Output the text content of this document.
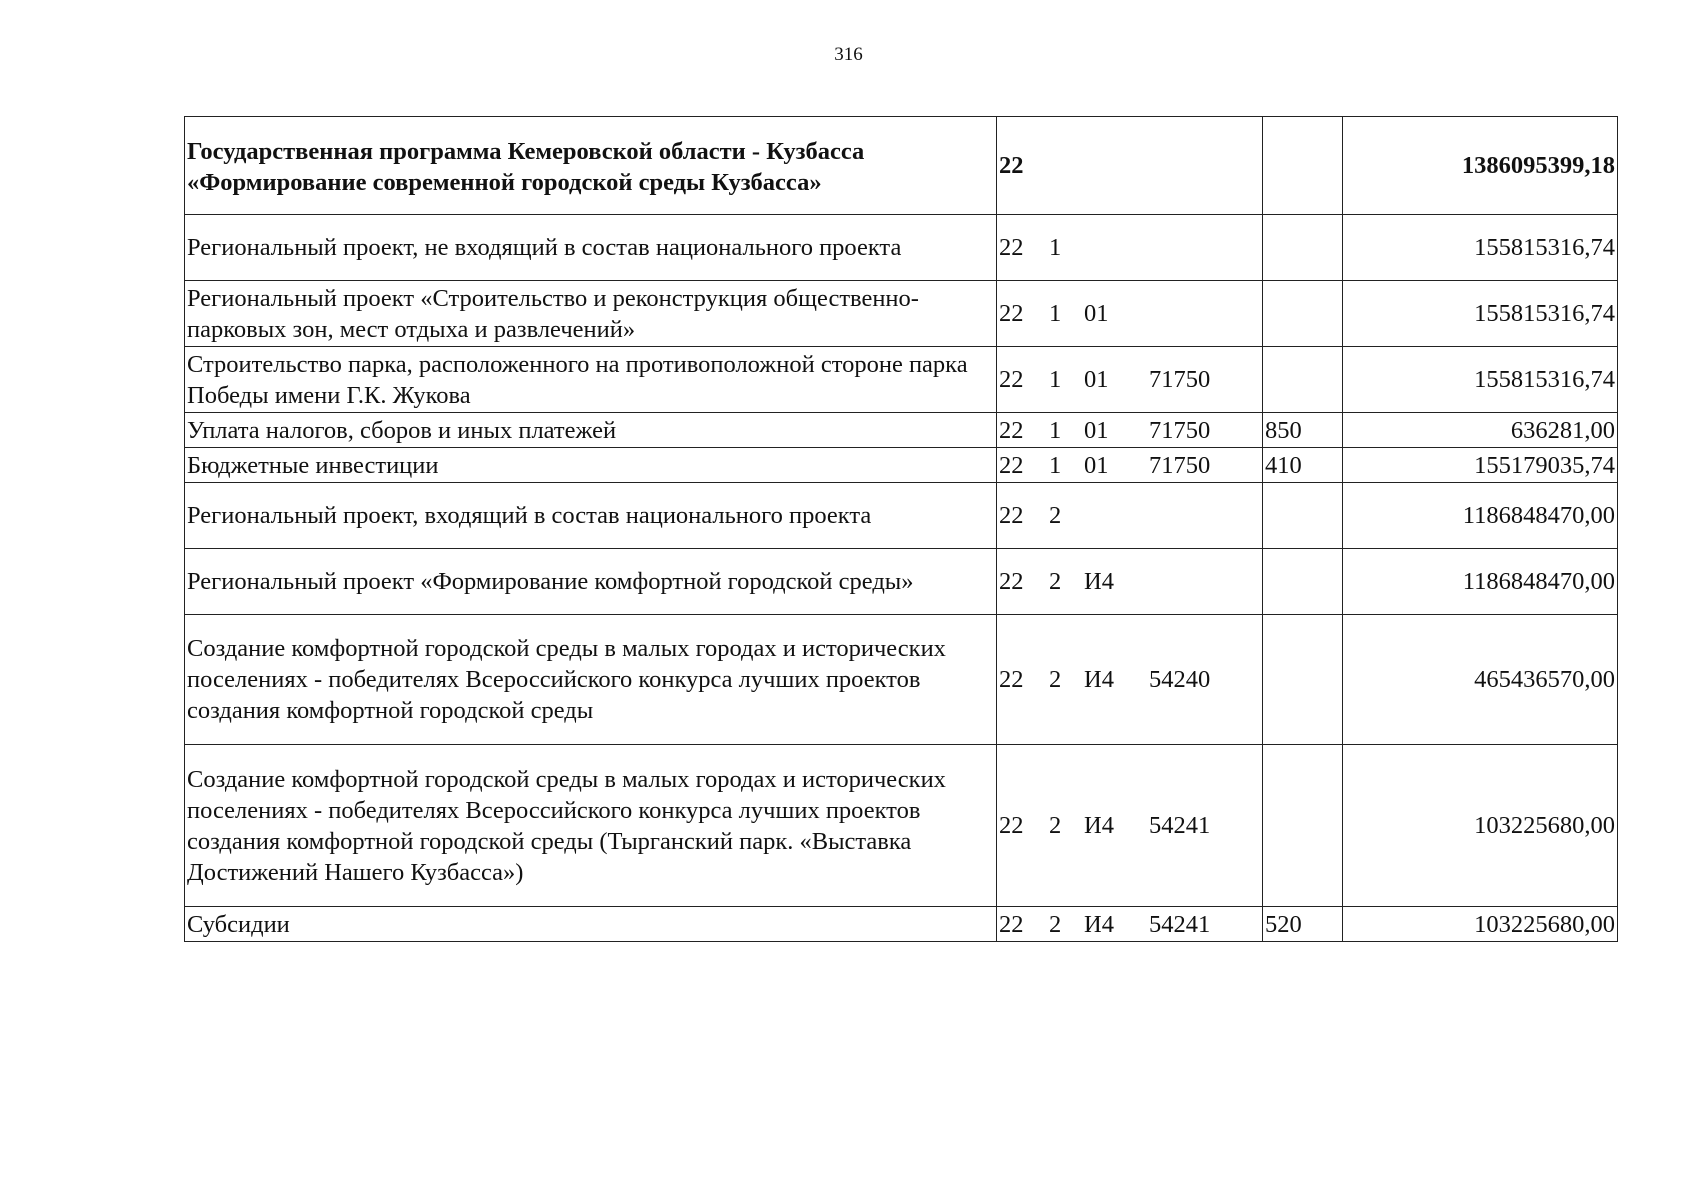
316
Государственная программа Кемеровской области - Кузбасса «Формирование современной городской среды Кузбасса»	22		1386095399,18
Региональный проект, не входящий в состав национального проекта	22 1		155815316,74
Региональный проект «Строительство и реконструкция общественно-парковых зон, мест отдыха и развлечений»	22 1 01		155815316,74
Строительство парка, расположенного на противоположной стороне парка Победы имени Г.К. Жукова	22 1 01 71750		155815316,74
Уплата налогов, сборов и иных платежей	22 1 01 71750	850	636281,00
Бюджетные инвестиции	22 1 01 71750	410	155179035,74
Региональный проект, входящий в состав национального проекта	22 2		1186848470,00
Региональный проект «Формирование комфортной городской среды»	22 2 И4		1186848470,00
Создание комфортной городской среды в малых городах и исторических поселениях - победителях Всероссийского конкурса лучших проектов создания комфортной городской среды	22 2 И4 54240		465436570,00
Создание комфортной городской среды в малых городах и исторических поселениях - победителях Всероссийского конкурса лучших проектов создания комфортной городской среды (Тырганский парк. «Выставка Достижений Нашего Кузбасса»)	22 2 И4 54241		103225680,00
Субсидии	22 2 И4 54241	520	103225680,00
